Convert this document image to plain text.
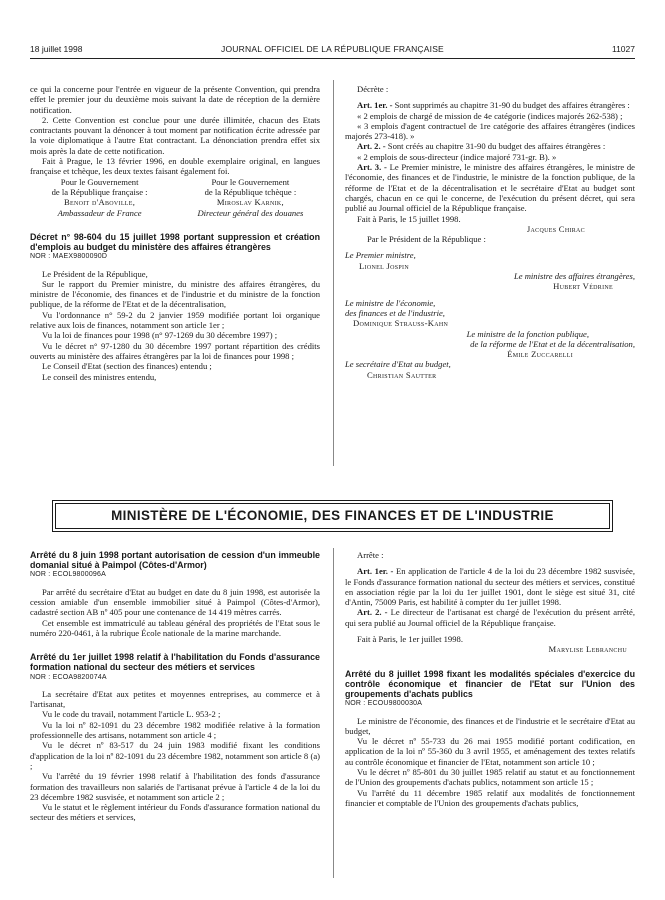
18 juillet 1998	JOURNAL OFFICIEL DE LA RÉPUBLIQUE FRANÇAISE	11027

ce qui la concerne pour l'entrée en vigueur de la présente Convention, qui prendra effet le premier jour du deuxième mois suivant la date de réception de la dernière notification.

2. Cette Convention est conclue pour une durée illimitée, chacun des Etats contractants pouvant la dénoncer à tout moment par notification écrite adressée par la voie diplomatique à l'autre Etat contractant. La dénonciation prendra effet six mois après la date de cette notification.

Fait à Prague, le 13 février 1996, en double exemplaire original, en langues française et tchèque, les deux textes faisant également foi.

Pour le Gouvernement

de la République française :

Benoit d'Aboville,

Ambassadeur de France

Pour le Gouvernement

de la République tchèque :

Miroslav Karnik,

Directeur général des douanes

Décret n° 98-604 du 15 juillet 1998 portant suppression et création d'emplois au budget du ministère des affaires étrangères

NOR : MAEX9800090D

Le Président de la République,

Sur le rapport du Premier ministre, du ministre des affaires étrangères, du ministre de l'économie, des finances et de l'industrie et du ministre de la fonction publique, de la réforme de l'Etat et de la décentralisation,

Vu l'ordonnance n° 59-2 du 2 janvier 1959 modifiée portant loi organique relative aux lois de finances, notamment son article 1er ;

Vu la loi de finances pour 1998 (n° 97-1269 du 30 décembre 1997) ;

Vu le décret n° 97-1280 du 30 décembre 1997 portant répartition des crédits ouverts au ministère des affaires étrangères par la loi de finances pour 1998 ;

Le Conseil d'Etat (section des finances) entendu ;

Le conseil des ministres entendu,

Décrète :

Art. 1er. - Sont supprimés au chapitre 31-90 du budget des affaires étrangères :

« 2 emplois de chargé de mission de 4e catégorie (indices majorés 262-538) ;

« 3 emplois d'agent contractuel de 1re catégorie des affaires étrangères (indices majorés 273-418). »

Art. 2. - Sont créés au chapitre 31-90 du budget des affaires étrangères :

« 2 emplois de sous-directeur (indice majoré 731-gr. B). »

Art. 3. - Le Premier ministre, le ministre des affaires étrangères, le ministre de l'économie, des finances et de l'industrie, le ministre de la fonction publique, de la réforme de l'Etat et de la décentralisation et le secrétaire d'Etat au budget sont chargés, chacun en ce qui le concerne, de l'exécution du présent décret, qui sera publié au Journal officiel de la République française.

Fait à Paris, le 15 juillet 1998.

Jacques Chirac

Par le Président de la République :

Le Premier ministre,

Lionel Jospin

Le ministre des affaires étrangères,

Hubert Védrine

Le ministre de l'économie,

des finances et de l'industrie,

Dominique Strauss-Kahn

Le ministre de la fonction publique,

de la réforme de l'Etat et de la décentralisation,

Émile Zuccarelli

Le secrétaire d'Etat au budget,

Christian Sautter

MINISTÈRE DE L'ÉCONOMIE, DES FINANCES ET DE L'INDUSTRIE

Arrêté du 8 juin 1998 portant autorisation de cession d'un immeuble domanial situé à Paimpol (Côtes-d'Armor)

NOR : ECOL9800096A

Par arrêté du secrétaire d'Etat au budget en date du 8 juin 1998, est autorisée la cession amiable d'un ensemble immobilier situé à Paimpol (Côtes-d'Armor), cadastré section AB nº 405 pour une contenance de 14 419 mètres carrés.

Cet ensemble est immatriculé au tableau général des propriétés de l'Etat sous le numéro 220-0461, à la rubrique École nationale de la marine marchande.

Arrêté du 1er juillet 1998 relatif à l'habilitation du Fonds d'assurance formation national du secteur des métiers et services

NOR : ECOA9820074A

La secrétaire d'Etat aux petites et moyennes entreprises, au commerce et à l'artisanat,

Vu le code du travail, notamment l'article L. 953-2 ;

Vu la loi nº 82-1091 du 23 décembre 1982 modifiée relative à la formation professionnelle des artisans, notamment son article 4 ;

Vu le décret nº 83-517 du 24 juin 1983 modifié fixant les conditions d'application de la loi nº 82-1091 du 23 décembre 1982, notamment son article 8 (a) ;

Vu l'arrêté du 19 février 1998 relatif à l'habilitation des fonds d'assurance formation des travailleurs non salariés de l'artisanat prévue à l'article 4 de la loi du 23 décembre 1982 susvisée, et notamment son article 2 ;

Vu le statut et le règlement intérieur du Fonds d'assurance formation national du secteur des métiers et services,

Arrête :

Art. 1er. - En application de l'article 4 de la loi du 23 décembre 1982 susvisée, le Fonds d'assurance formation national du secteur des métiers et services, constitué en association régie par la loi du 1er juillet 1901, dont le siège est situé 31, cité d'Antin, 75009 Paris, est habilité à compter du 1er juillet 1998.

Art. 2. - Le directeur de l'artisanat est chargé de l'exécution du présent arrêté, qui sera publié au Journal officiel de la République française.

Fait à Paris, le 1er juillet 1998.

Marylise Lebranchu

Arrêté du 8 juillet 1998 fixant les modalités spéciales d'exercice du contrôle économique et financier de l'Etat sur l'Union des groupements d'achats publics

NOR : ECOU9800030A

Le ministre de l'économie, des finances et de l'industrie et le secrétaire d'Etat au budget,

Vu le décret nº 55-733 du 26 mai 1955 modifié portant codification, en application de la loi nº 55-360 du 3 avril 1955, et aménagement des textes relatifs au contrôle économique et financier de l'Etat, notamment son article 10 ;

Vu le décret nº 85-801 du 30 juillet 1985 relatif au statut et au fonctionnement de l'Union des groupements d'achats publics, notamment son article 15 ;

Vu l'arrêté du 11 décembre 1985 relatif aux modalités de fonctionnement financier et comptable de l'Union des groupements d'achats publics,
